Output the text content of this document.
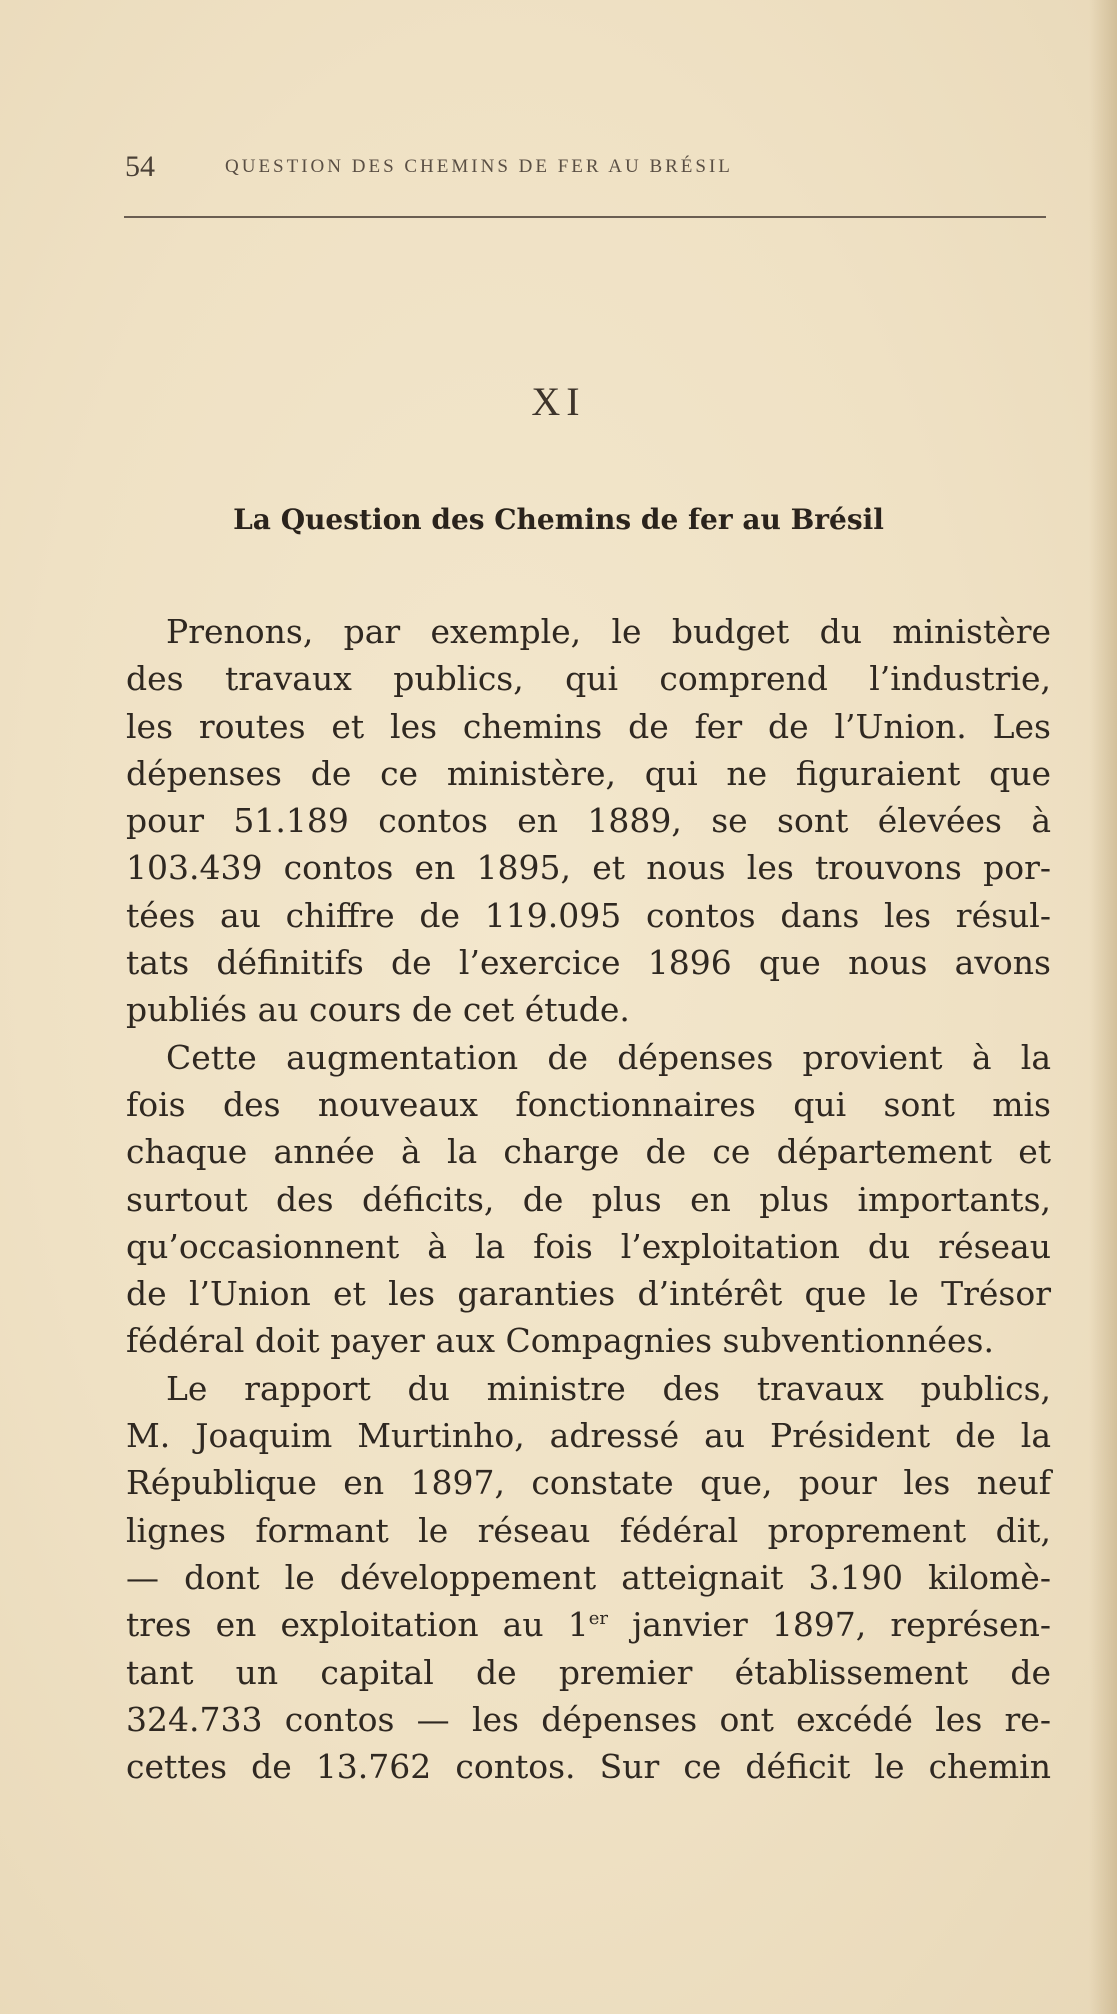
54	QUESTION DES CHEMINS DE FER AU BRÉSIL
XI
La Question des Chemins de fer au Brésil
Prenons, par exemple, le budget du ministère
des travaux publics, qui comprend l’industrie,
les routes et les chemins de fer de l’Union. Les
dépenses de ce ministère, qui ne figuraient que
pour 51.189 contos en 1889, se sont élevées à
103.439 contos en 1895, et nous les trouvons por-
tées au chiffre de 119.095 contos dans les résul-
tats définitifs de l’exercice 1896 que nous avons
publiés au cours de cet étude.
Cette augmentation de dépenses provient à la
fois des nouveaux fonctionnaires qui sont mis
chaque année à la charge de ce département et
surtout des déficits, de plus en plus importants,
qu’occasionnent à la fois l’exploitation du réseau
de l’Union et les garanties d’intérêt que le Trésor
fédéral doit payer aux Compagnies subventionnées.
Le rapport du ministre des travaux publics,
M. Joaquim Murtinho, adressé au Président de la
République en 1897, constate que, pour les neuf
lignes formant le réseau fédéral proprement dit,
— dont le développement atteignait 3.190 kilomè-
tres en exploitation au 1er janvier 1897, représen-
tant un capital de premier établissement de
324.733 contos — les dépenses ont excédé les re-
cettes de 13.762 contos. Sur ce déficit le chemin
